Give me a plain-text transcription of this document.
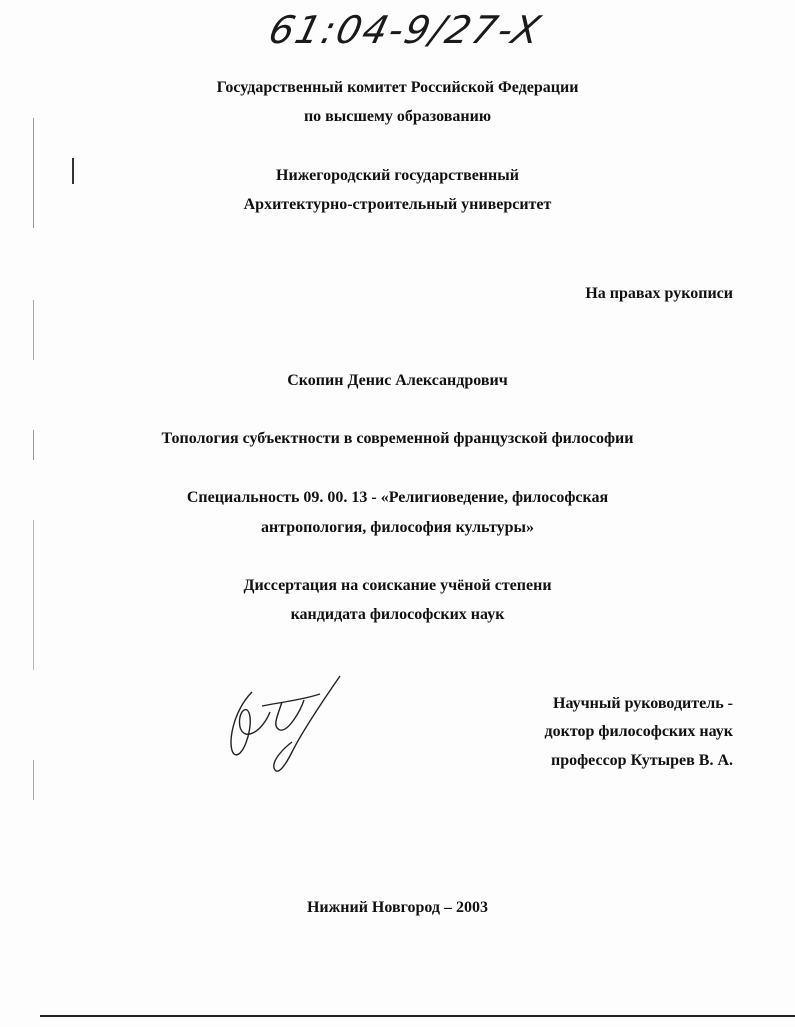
61:04-9/27-X
Государственный комитет Российской Федерации
по высшему образованию
Нижегородский государственный
Архитектурно-строительный университет
На правах рукописи
Скопин Денис Александрович
Топология субъектности в современной французской философии
Специальность 09. 00. 13 - «Религиоведение, философская
антропология, философия культуры»
Диссертация на соискание учёной степени
кандидата философских наук
Научный руководитель -
доктор философских наук
профессор Кутырев В. А.
Нижний Новгород – 2003
